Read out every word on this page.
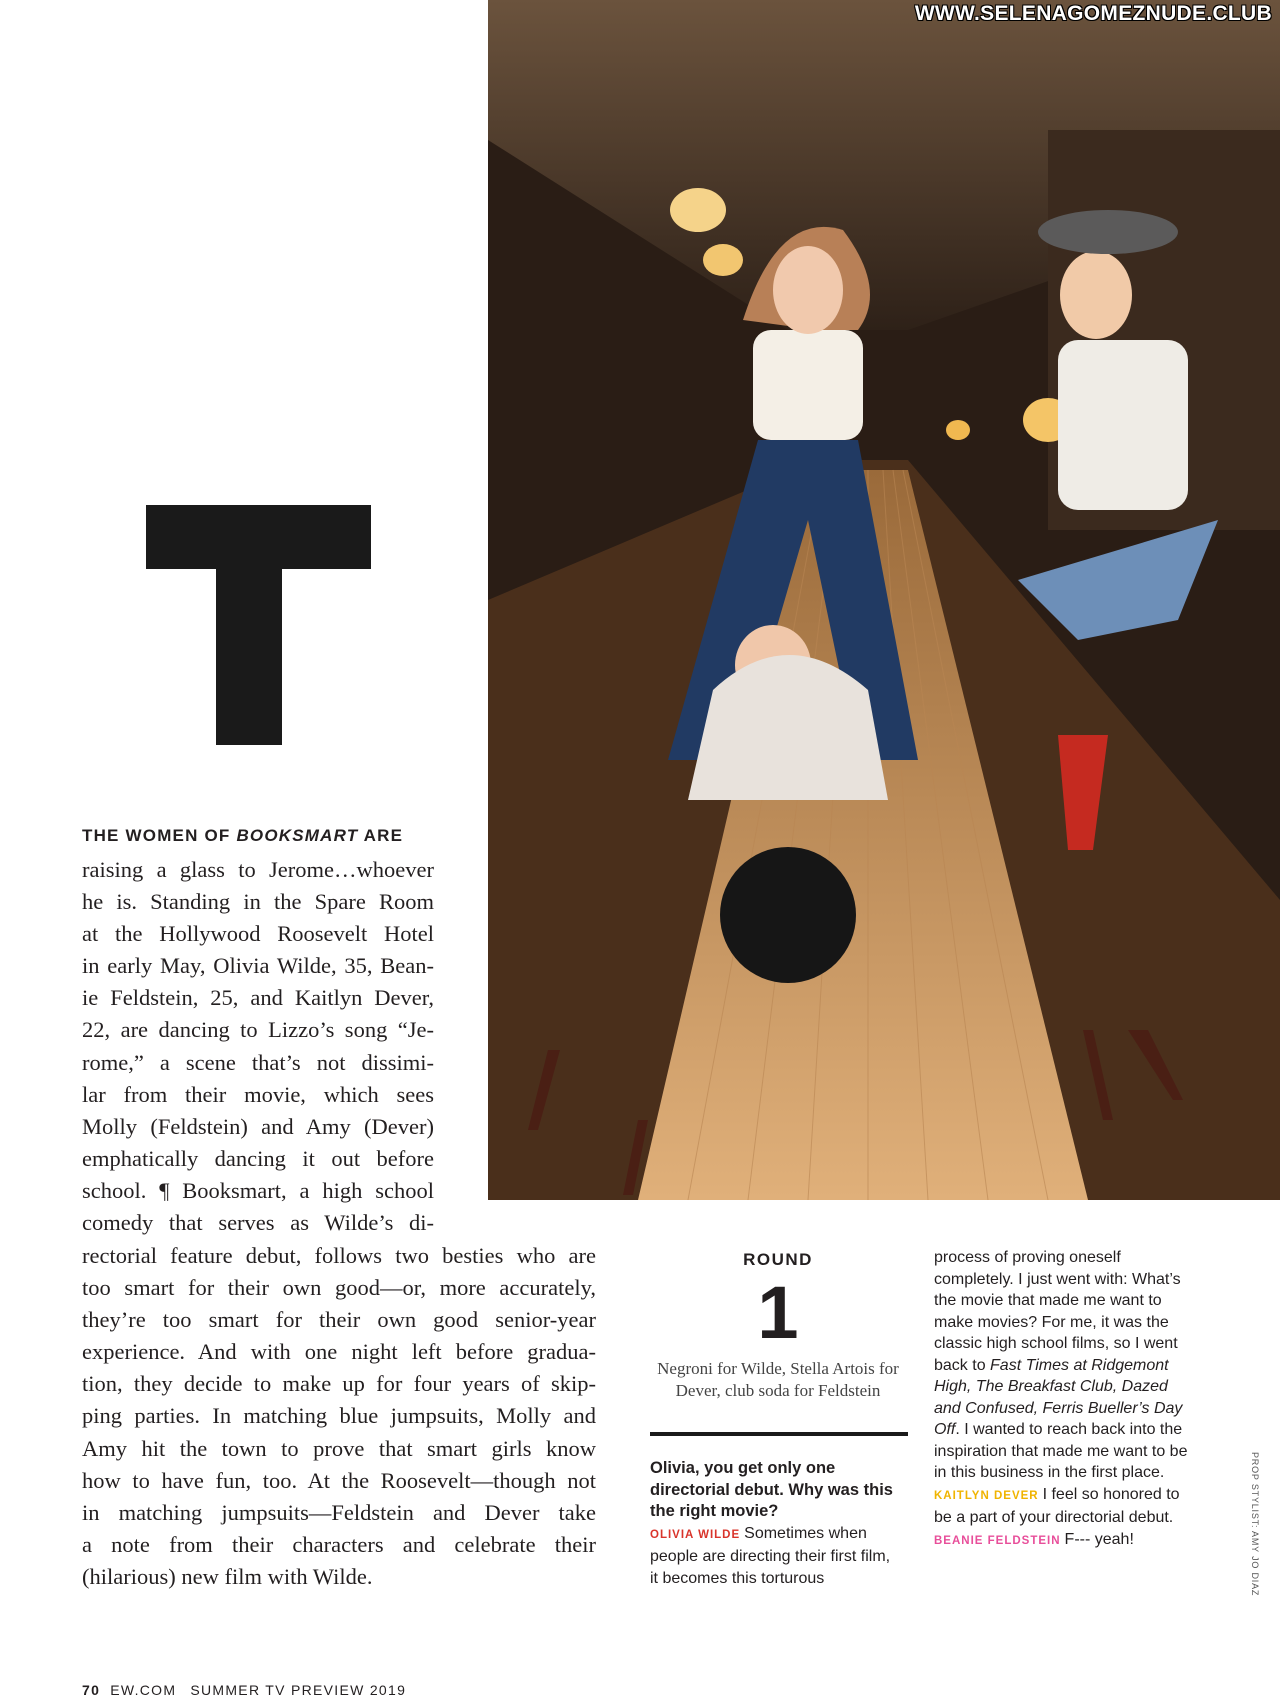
WWW.SELENAGOMEZNUDE.CLUB
THE WOMEN OF BOOKSMART ARE
raising a glass to Jerome…whoever
he is. Standing in the Spare Room
at the Hollywood Roosevelt Hotel
in early May, Olivia Wilde, 35, Bean-
ie Feldstein, 25, and Kaitlyn Dever,
22, are dancing to Lizzo’s song “Je-
rome,” a scene that’s not dissimi-
lar from their movie, which sees
Molly (Feldstein) and Amy (Dever)
emphatically dancing it out before
school. ¶ Booksmart, a high school
comedy that serves as Wilde’s di-
rectorial feature debut, follows two besties who are
too smart for their own good—or, more accurately,
they’re too smart for their own good senior-year
experience. And with one night left before gradua-
tion, they decide to make up for four years of skip-
ping parties. In matching blue jumpsuits, Molly and
Amy hit the town to prove that smart girls know
how to have fun, too. At the Roosevelt—though not
in matching jumpsuits—Feldstein and Dever take
a note from their characters and celebrate their
(hilarious) new film with Wilde.
ROUND
1
Negroni for Wilde, Stella Artois for Dever, club soda for Feldstein
Olivia, you get only one directorial debut. Why was this the right movie?
OLIVIA WILDE Sometimes when people are directing their first film, it becomes this torturous
process of proving oneself completely. I just went with: What’s the movie that made me want to make movies? For me, it was the classic high school films, so I went back to Fast Times at Ridgemont High, The Breakfast Club, Dazed and Confused, Ferris Bueller’s Day Off. I wanted to reach back into the inspiration that made me want to be in this business in the first place.
KAITLYN DEVER I feel so honored to be a part of your directorial debut.
BEANIE FELDSTEIN F--- yeah!	PROP STYLIST: AMY JO DIAZ
70 EW.COM SUMMER TV PREVIEW 2019
